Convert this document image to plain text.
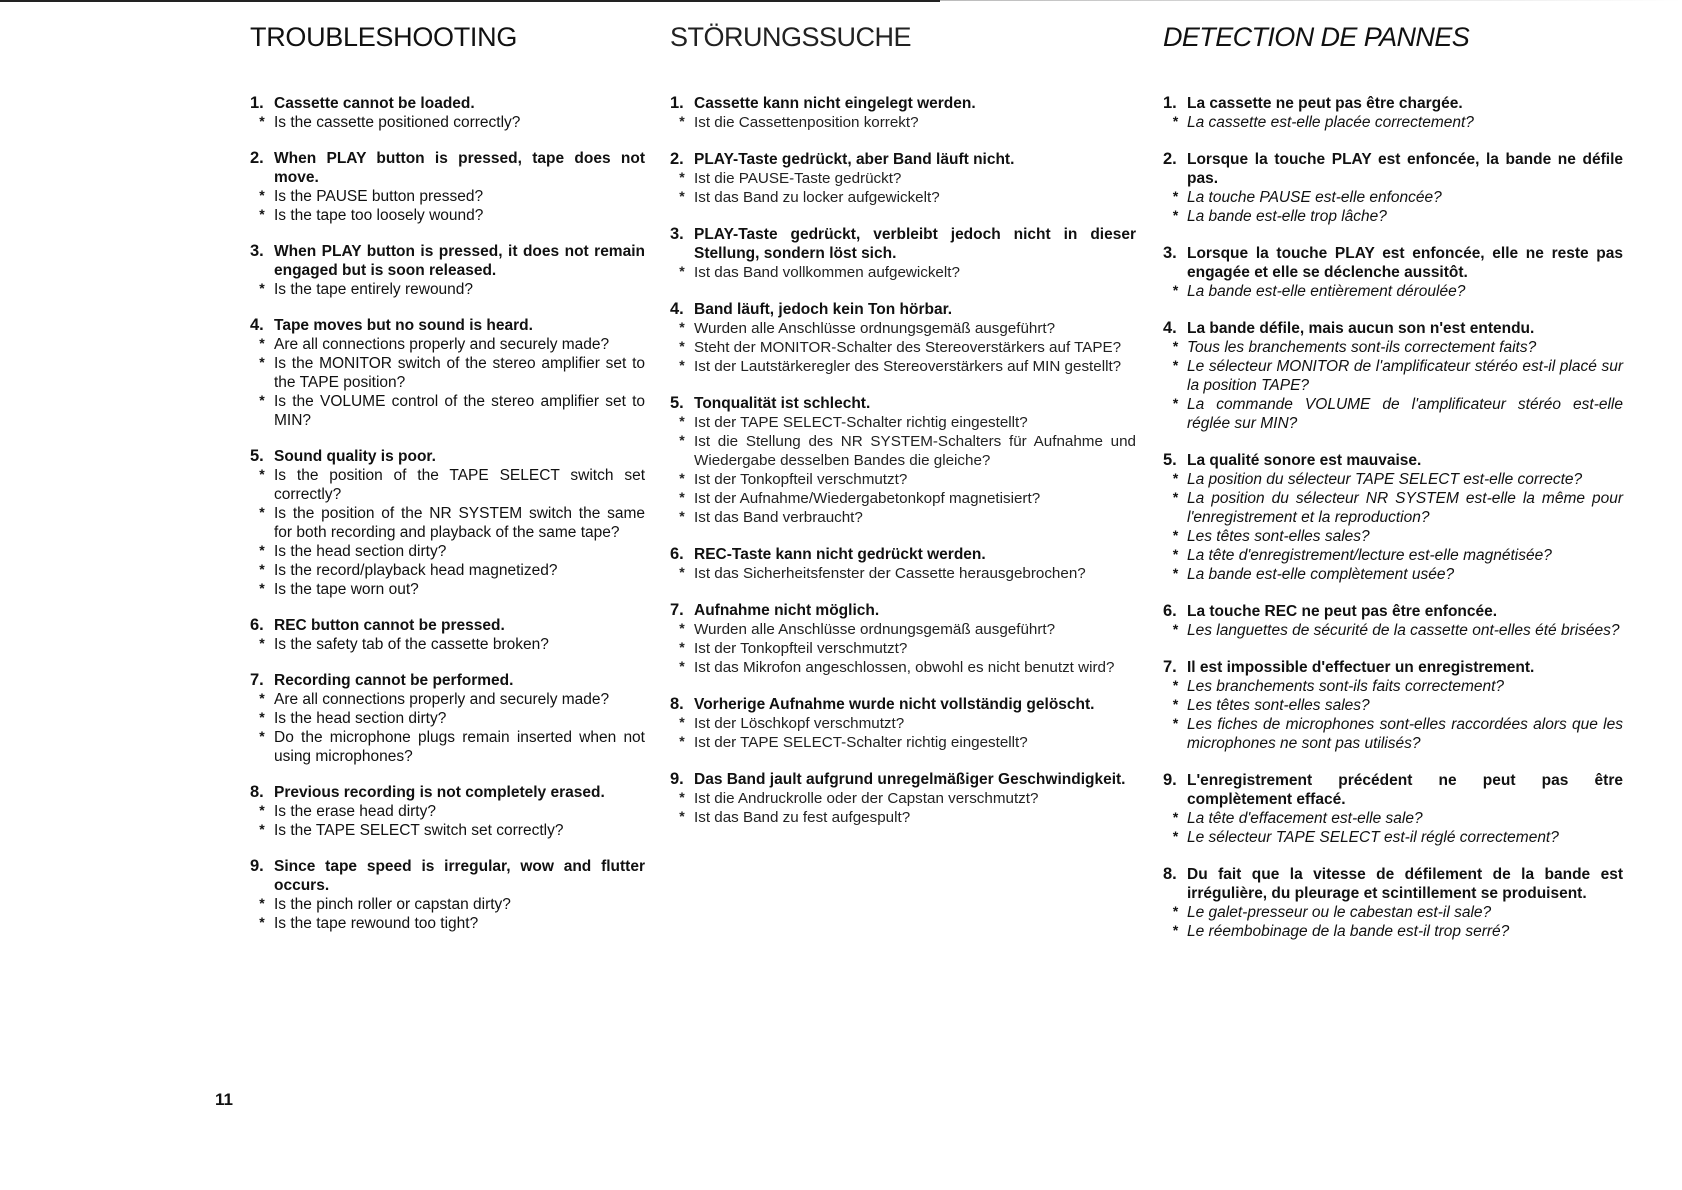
TROUBLESHOOTING
1. Cassette cannot be loaded.
* Is the cassette positioned correctly?
2. When PLAY button is pressed, tape does not move.
* Is the PAUSE button pressed?
* Is the tape too loosely wound?
3. When PLAY button is pressed, it does not remain engaged but is soon released.
* Is the tape entirely rewound?
4. Tape moves but no sound is heard.
* Are all connections properly and securely made?
* Is the MONITOR switch of the stereo amplifier set to the TAPE position?
* Is the VOLUME control of the stereo amplifier set to MIN?
5. Sound quality is poor.
* Is the position of the TAPE SELECT switch set correctly?
* Is the position of the NR SYSTEM switch the same for both recording and playback of the same tape?
* Is the head section dirty?
* Is the record/playback head magnetized?
* Is the tape worn out?
6. REC button cannot be pressed.
* Is the safety tab of the cassette broken?
7. Recording cannot be performed.
* Are all connections properly and securely made?
* Is the head section dirty?
* Do the microphone plugs remain inserted when not using microphones?
8. Previous recording is not completely erased.
* Is the erase head dirty?
* Is the TAPE SELECT switch set correctly?
9. Since tape speed is irregular, wow and flutter occurs.
* Is the pinch roller or capstan dirty?
* Is the tape rewound too tight?
STÖRUNGSSUCHE
1. Cassette kann nicht eingelegt werden.
* Ist die Cassettenposition korrekt?
2. PLAY-Taste gedrückt, aber Band läuft nicht.
* Ist die PAUSE-Taste gedrückt?
* Ist das Band zu locker aufgewickelt?
3. PLAY-Taste gedrückt, verbleibt jedoch nicht in dieser Stellung, sondern löst sich.
* Ist das Band vollkommen aufgewickelt?
4. Band läuft, jedoch kein Ton hörbar.
* Wurden alle Anschlüsse ordnungsgemäß ausgeführt?
* Steht der MONITOR-Schalter des Stereoverstärkers auf TAPE?
* Ist der Lautstärkeregler des Stereoverstärkers auf MIN gestellt?
5. Tonqualität ist schlecht.
* Ist der TAPE SELECT-Schalter richtig eingestellt?
* Ist die Stellung des NR SYSTEM-Schalters für Aufnahme und Wiedergabe desselben Bandes die gleiche?
* Ist der Tonkopfteil verschmutzt?
* Ist der Aufnahme/Wiedergabetonkopf magnetisiert?
* Ist das Band verbraucht?
6. REC-Taste kann nicht gedrückt werden.
* Ist das Sicherheitsfenster der Cassette herausgebrochen?
7. Aufnahme nicht möglich.
* Wurden alle Anschlüsse ordnungsgemäß ausgeführt?
* Ist der Tonkopfteil verschmutzt?
* Ist das Mikrofon angeschlossen, obwohl es nicht benutzt wird?
8. Vorherige Aufnahme wurde nicht vollständig gelöscht.
* Ist der Löschkopf verschmutzt?
* Ist der TAPE SELECT-Schalter richtig eingestellt?
9. Das Band jault aufgrund unregelmäßiger Geschwindigkeit.
* Ist die Andruckrolle oder der Capstan verschmutzt?
* Ist das Band zu fest aufgespult?
DETECTION DE PANNES
1. La cassette ne peut pas être chargée.
* La cassette est-elle placée correctement?
2. Lorsque la touche PLAY est enfoncée, la bande ne défile pas.
* La touche PAUSE est-elle enfoncée?
* La bande est-elle trop lâche?
3. Lorsque la touche PLAY est enfoncée, elle ne reste pas engagée et elle se déclenche aussitôt.
* La bande est-elle entièrement déroulée?
4. La bande défile, mais aucun son n'est entendu.
* Tous les branchements sont-ils correctement faits?
* Le sélecteur MONITOR de l'amplificateur stéréo est-il placé sur la position TAPE?
* La commande VOLUME de l'amplificateur stéréo est-elle réglée sur MIN?
5. La qualité sonore est mauvaise.
* La position du sélecteur TAPE SELECT est-elle correcte?
* La position du sélecteur NR SYSTEM est-elle la même pour l'enregistrement et la reproduction?
* Les têtes sont-elles sales?
* La tête d'enregistrement/lecture est-elle magnétisée?
* La bande est-elle complètement usée?
6. La touche REC ne peut pas être enfoncée.
* Les languettes de sécurité de la cassette ont-elles été brisées?
7. Il est impossible d'effectuer un enregistrement.
* Les branchements sont-ils faits correctement?
* Les têtes sont-elles sales?
* Les fiches de microphones sont-elles raccordées alors que les microphones ne sont pas utilisés?
9. L'enregistrement précédent ne peut pas être complètement effacé.
* La tête d'effacement est-elle sale?
* Le sélecteur TAPE SELECT est-il réglé correctement?
8. Du fait que la vitesse de défilement de la bande est irrégulière, du pleurage et scintillement se produisent.
* Le galet-presseur ou le cabestan est-il sale?
* Le réembobinage de la bande est-il trop serré?
11
